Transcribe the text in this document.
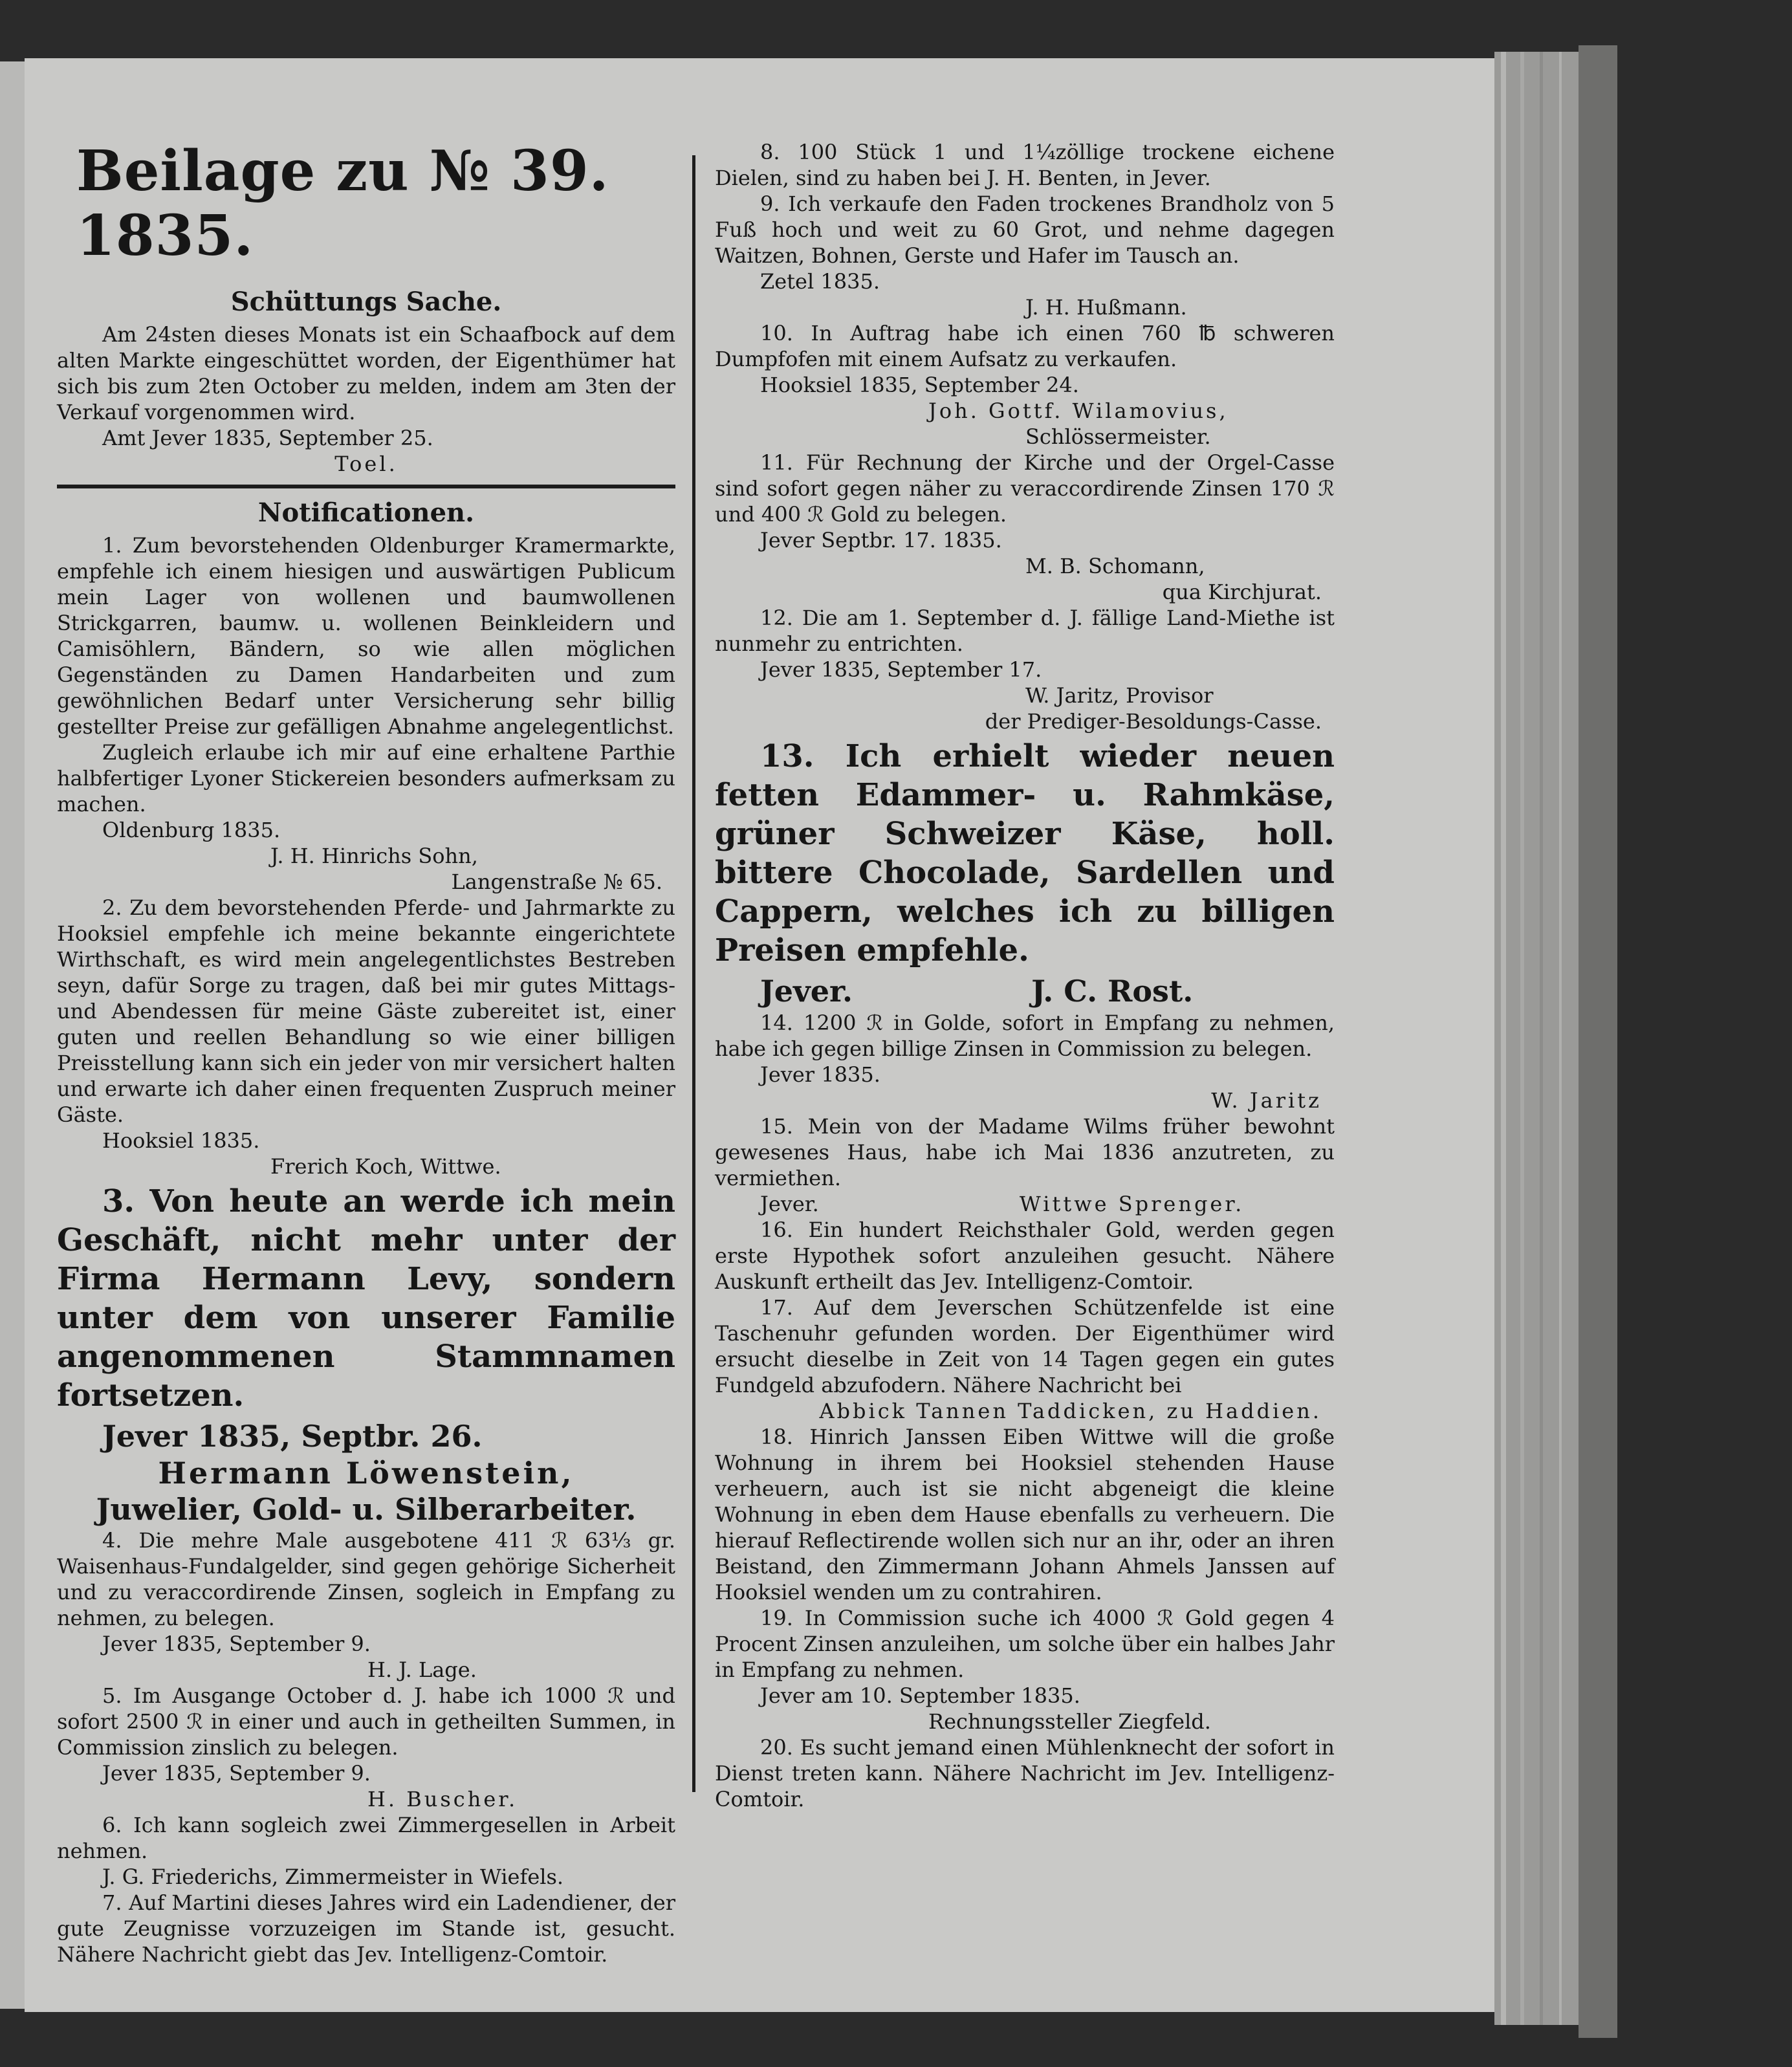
Beilage zu № 39. 1835.
Schüttungs Sache.

Am 24sten dieses Monats ist ein Schaafbock auf dem alten Markte eingeschüttet worden, der Eigenthümer hat sich bis zum 2ten October zu melden, indem am 3ten der Verkauf vorgenommen wird.

Amt Jever 1835, September 25.

Toel.

Notificationen.

1. Zum bevorstehenden Oldenburger Kramermarkte, empfehle ich einem hiesigen und auswärtigen Publicum mein Lager von wollenen und baumwollenen Strickgarren, baumw. u. wollenen Beinkleidern und Camisöhlern, Bändern, so wie allen möglichen Gegenständen zu Damen Handarbeiten und zum gewöhnlichen Bedarf unter Versicherung sehr billig gestellter Preise zur gefälligen Abnahme angelegentlichst.

Zugleich erlaube ich mir auf eine erhaltene Parthie halbfertiger Lyoner Stickereien besonders aufmerksam zu machen.

Oldenburg 1835.

J. H. Hinrichs Sohn,

Langenstraße № 65.

2. Zu dem bevorstehenden Pferde- und Jahrmarkte zu Hooksiel empfehle ich meine bekannte eingerichtete Wirthschaft, es wird mein angelegentlichstes Bestreben seyn, dafür Sorge zu tragen, daß bei mir gutes Mittags- und Abendessen für meine Gäste zubereitet ist, einer guten und reellen Behandlung so wie einer billigen Preisstellung kann sich ein jeder von mir versichert halten und erwarte ich daher einen frequenten Zuspruch meiner Gäste.

Hooksiel 1835.

Frerich Koch, Wittwe.

3. Von heute an werde ich mein Geschäft, nicht mehr unter der Firma Hermann Levy, sondern unter dem von unserer Familie angenommenen Stammnamen fortsetzen.

Jever 1835, Septbr. 26.

Hermann Löwenstein,

Juwelier, Gold- u. Silberarbeiter.

4. Die mehre Male ausgebotene 411 ℛ 63⅓ gr. Waisenhaus-Fundalgelder, sind gegen gehörige Sicherheit und zu veraccordirende Zinsen, sogleich in Empfang zu nehmen, zu belegen.

Jever 1835, September 9.

H. J. Lage.

5. Im Ausgange October d. J. habe ich 1000 ℛ und sofort 2500 ℛ in einer und auch in getheilten Summen, in Commission zinslich zu belegen.

Jever 1835, September 9.

H. Buscher.

6. Ich kann sogleich zwei Zimmergesellen in Arbeit nehmen.

J. G. Friederichs, Zimmermeister in Wiefels.

7. Auf Martini dieses Jahres wird ein Ladendiener, der gute Zeugnisse vorzuzeigen im Stande ist, gesucht. Nähere Nachricht giebt das Jev. Intelligenz-Comtoir.

8. 100 Stück 1 und 1¼zöllige trockene eichene Dielen, sind zu haben bei J. H. Benten, in Jever.

9. Ich verkaufe den Faden trockenes Brandholz von 5 Fuß hoch und weit zu 60 Grot, und nehme dagegen Waitzen, Bohnen, Gerste und Hafer im Tausch an.

Zetel 1835.

J. H. Hußmann.

10. In Auftrag habe ich einen 760 ℔ schweren Dumpfofen mit einem Aufsatz zu verkaufen.

Hooksiel 1835, September 24.

Joh. Gottf. Wilamovius,

Schlössermeister.

11. Für Rechnung der Kirche und der Orgel-Casse sind sofort gegen näher zu veraccordirende Zinsen 170 ℛ und 400 ℛ Gold zu belegen.

Jever Septbr. 17. 1835.

M. B. Schomann,

qua Kirchjurat.

12. Die am 1. September d. J. fällige Land-Miethe ist nunmehr zu entrichten.

Jever 1835, September 17.

W. Jaritz, Provisor

der Prediger-Besoldungs-Casse.

13. Ich erhielt wieder neuen fetten Edammer- u. Rahmkäse, grüner Schweizer Käse, holl. bittere Chocolade, Sardellen und Cappern, welches ich zu billigen Preisen empfehle.

Jever.	J. C. Rost.

14. 1200 ℛ in Golde, sofort in Empfang zu nehmen, habe ich gegen billige Zinsen in Commission zu belegen.

Jever 1835.

W. Jaritz

15. Mein von der Madame Wilms früher bewohnt gewesenes Haus, habe ich Mai 1836 anzutreten, zu vermiethen.

Jever.	Wittwe Sprenger.

16. Ein hundert Reichsthaler Gold, werden gegen erste Hypothek sofort anzuleihen gesucht. Nähere Auskunft ertheilt das Jev. Intelligenz-Comtoir.

17. Auf dem Jeverschen Schützenfelde ist eine Taschenuhr gefunden worden. Der Eigenthümer wird ersucht dieselbe in Zeit von 14 Tagen gegen ein gutes Fundgeld abzufodern. Nähere Nachricht bei

Abbick Tannen Taddicken, zu Haddien.

18. Hinrich Janssen Eiben Wittwe will die große Wohnung in ihrem bei Hooksiel stehenden Hause verheuern, auch ist sie nicht abgeneigt die kleine Wohnung in eben dem Hause ebenfalls zu verheuern. Die hierauf Reflectirende wollen sich nur an ihr, oder an ihren Beistand, den Zimmermann Johann Ahmels Janssen auf Hooksiel wenden um zu contrahiren.

19. In Commission suche ich 4000 ℛ Gold gegen 4 Procent Zinsen anzuleihen, um solche über ein halbes Jahr in Empfang zu nehmen.

Jever am 10. September 1835.

Rechnungssteller Ziegfeld.

20. Es sucht jemand einen Mühlenknecht der sofort in Dienst treten kann. Nähere Nachricht im Jev. Intelligenz-Comtoir.
